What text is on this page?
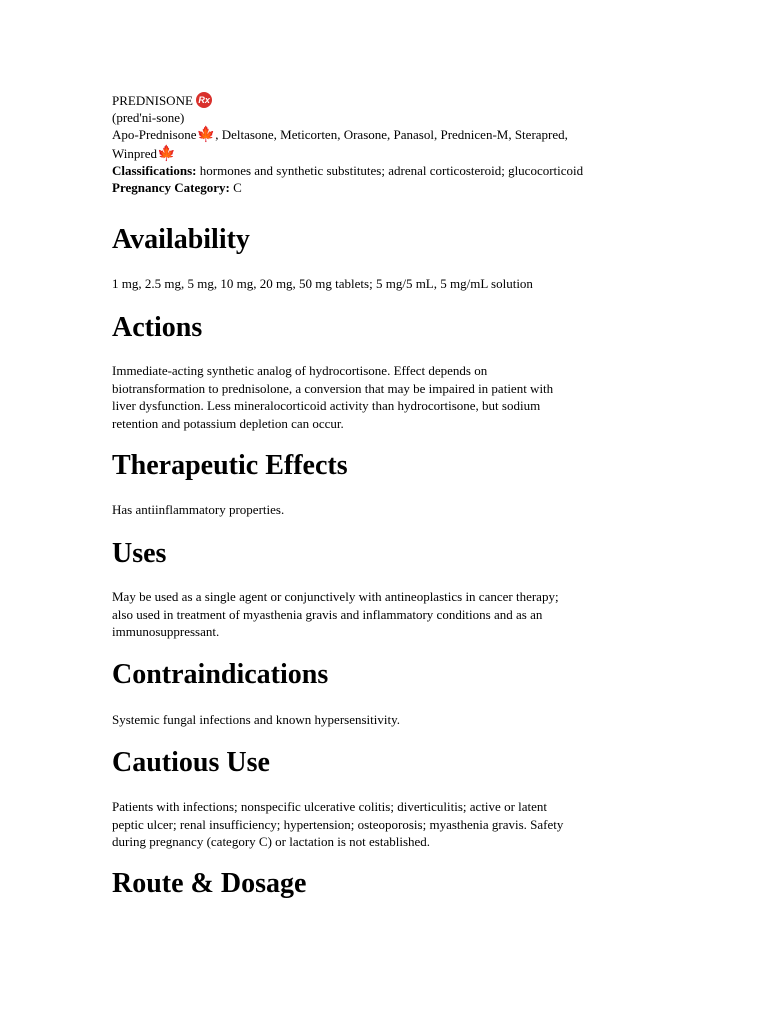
PREDNISONE Rx
(pred'ni-sone)
Apo-Prednisone🍁, Deltasone, Meticorten, Orasone, Panasol, Prednicen-M, Sterapred,
Winpred🍁
Classifications: hormones and synthetic substitutes; adrenal corticosteroid; glucocorticoid
Pregnancy Category: C
Availability

1 mg, 2.5 mg, 5 mg, 10 mg, 20 mg, 50 mg tablets; 5 mg/5 mL, 5 mg/mL solution

Actions

Immediate-acting synthetic analog of hydrocortisone. Effect depends on

biotransformation to prednisolone, a conversion that may be impaired in patient with

liver dysfunction. Less mineralocorticoid activity than hydrocortisone, but sodium

retention and potassium depletion can occur.

Therapeutic Effects

Has antiinflammatory properties.

Uses

May be used as a single agent or conjunctively with antineoplastics in cancer therapy;

also used in treatment of myasthenia gravis and inflammatory conditions and as an

immunosuppressant.

Contraindications

Systemic fungal infections and known hypersensitivity.

Cautious Use

Patients with infections; nonspecific ulcerative colitis; diverticulitis; active or latent

peptic ulcer; renal insufficiency; hypertension; osteoporosis; myasthenia gravis. Safety

during pregnancy (category C) or lactation is not established.

Route & Dosage
